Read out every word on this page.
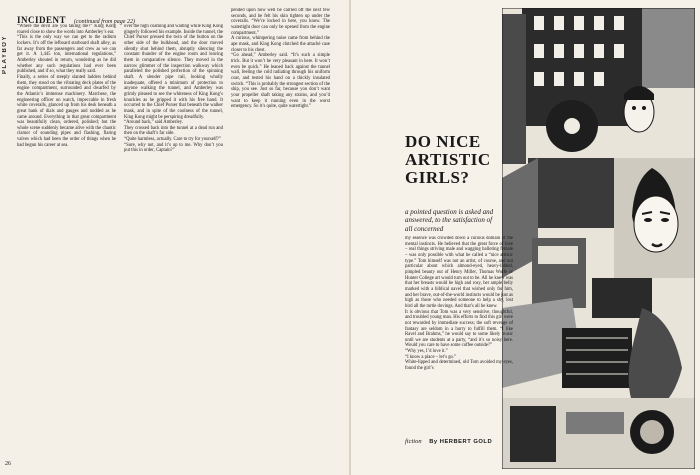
PLAYBOY
INCIDENT (continued from page 22)

“Where the devil are you taking me?” King Kong roared close to show the words into Amberley’s ear.

“This is the only way we can get to the radium lockers. It’s off the lefboard starboard shaft alley, as far away from the passengers and crew as we can get it. A 1,445 ton, international regulations,” Amberley shouted in return, wondering as he did whether any such regulations had ever been published, and if so, what they really said.

Finally, a series of steeply slanted ladders behind them, they stood on the vibrating deck plates of the engine compartment, surrounded and dwarfed by the Atlantic’s immense machinery. Marchese, the engineering officer on watch, impeccable in fresh white coveralls, glanced up from his desk beneath a great bank of dials and gauges and nodded as he came around. Everything in that great compartment was beautifully clean, ordered, polished; but the whole scene suddenly became alive with the chaotic clamor of sounding pipes and flashing, flaring valves which had been the order of things when he had begun his career at sea.

over the high coaming and waiting while King Kong gingerly followed his example. Inside the tunnel, the Chief Purser pressed the twin of the button on the other side of the bulkhead, and the door moved silently shut behind them, abruptly silencing the constant thunder of the engine room and leaving them in comparative silence. They moved in the narrow glimmer of the inspection walkway which paralleled the polished perfection of the spinning shaft. A slender pipe rail, looking wholly inadequate, offered a minimum of protection to anyone walking the tunnel, and Amberley was grimly pleased to see the whiteness of King Kong’s knuckles as he gripped it with his free hand. It occurred to the Chief Purser that beneath the walker mask, and in spite of the coolness of the tunnel, King Kong might be perspiring dreadfully.

“Around back,” said Amberley.

They crossed back into the tunnel at a dead run and then on the shaft’s far side.

“Quite harmless, actually. Care to try for yourself?”

“Sure, why not, and it’s up to me. Why don’t you put this in order, Captain?”

pended upon how well he carried off the next few seconds, and he felt his skin tighten up under the coveralls. “We’re locked in here, you know. The watertight door can only be opened from the engine compartment.”

A curious, whimpering noise came from behind the ape mask, and King Kong clutched the attaché case closer to his chest.

“Go ahead,” Amberley said. “It’s such a simple trick. But it won’t be very pleasant in here. It won’t even be quick.” He leaned back against the tunnel wall, feeling the cold radiating through his uniform coat, and tested his hand on a thickly insulated switch. “This is probably the strongest section of the ship, you see. Just so far, because you don’t want your propeller shaft taking any strains, and you’d want to keep it running even in the worst emergency. So it’s quite, quite watertight.”

26
DO NICE
ARTISTIC
GIRLS?
a pointed question is asked and
answered, to the satisfaction of
all concerned

my essence was crowded down a curious domain of the mental instincts. He believed that the great force of love – real things striving male and wagging balloting female – was only possible with what he called a “nice artistic type.” Tom himself was not an artist, of course, and not particular about which almond-eyed, heavy-lidded, pimpled beauty out of Henry Miller, Thomas Wolfe or Hunter College art would turn out to be. All he knew was that her breasts would be high and rosy, her ample belly marked with a biblical navel that wished only for him, and her brave, out-of-the-world instincts would be just as high as those who needed someone to help a shy, lost bird all the turtle dovings. And that’s all he knew.

It is obvious that Tom was a very sensitive, thoughtful, and troubled young man. His efforts to find this girl were not rewarded by immediate success; the soft revenge of fantasy are seldom in a hurry to fulfill them. “I like Ravel and Brahms,” he would say to some likely music until we are students at a party, “and it’s so noisy here. Would you care to have some coffee outside?”

“Why yes, I’d love it.”

“I know a place – let’s go.”

White-lipped and determined, old Tom avoided my eyes, found the girl’s

fiction By HERBERT GOLD
